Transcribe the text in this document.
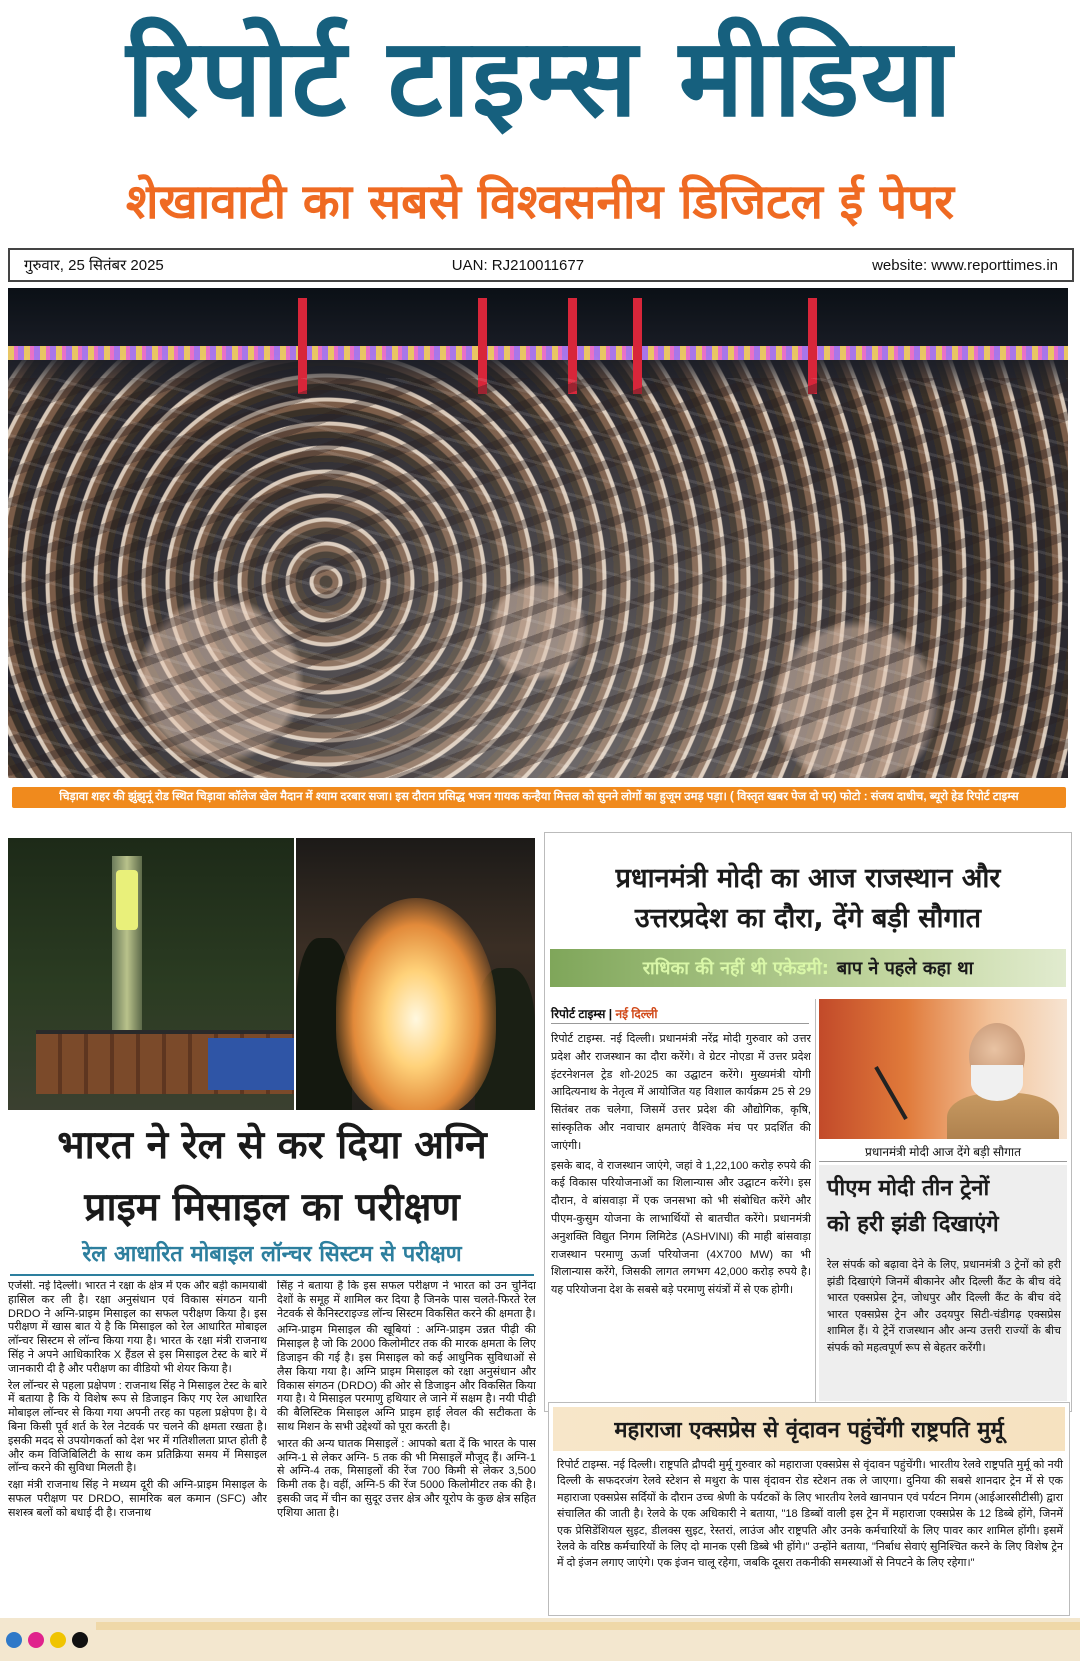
रिपोर्ट टाइम्स मीडिया
शेखावाटी का सबसे विश्वसनीय डिजिटल ई पेपर
गुरुवार, 25 सितंबर 2025	UAN: RJ210011677	website: www.reporttimes.in
चिड़ावा शहर की झुंझुनूं रोड स्थित चिड़ावा कॉलेज खेल मैदान में श्याम दरबार सजा। इस दौरान प्रसिद्ध भजन गायक कन्हैया मित्तल को सुनने लोगों का हुजूम उमड़ पड़ा। ( विस्तृत खबर पेज दो पर) फोटो : संजय दाधीच, ब्यूरो हेड रिपोर्ट टाइम्स
भारत ने रेल से कर दिया अग्नि
प्राइम मिसाइल का परीक्षण
रेल आधारित मोबाइल लॉन्चर सिस्टम से परीक्षण

एजेंसी. नई दिल्ली। भारत ने रक्षा के क्षेत्र में एक और बड़ी कामयाबी हासिल कर ली है। रक्षा अनुसंधान एवं विकास संगठन यानी DRDO ने अग्नि-प्राइम मिसाइल का सफल परीक्षण किया है। इस परीक्षण में खास बात ये है कि मिसाइल को रेल आधारित मोबाइल लॉन्चर सिस्टम से लॉन्च किया गया है। भारत के रक्षा मंत्री राजनाथ सिंह ने अपने आधिकारिक X हैंडल से इस मिसाइल टेस्ट के बारे में जानकारी दी है और परीक्षण का वीडियो भी शेयर किया है।

रेल लॉन्चर से पहला प्रक्षेपण : राजनाथ सिंह ने मिसाइल टेस्ट के बारे में बताया है कि ये विशेष रूप से डिजाइन किए गए रेल आधारित मोबाइल लॉन्चर से किया गया अपनी तरह का पहला प्रक्षेपण है। ये बिना किसी पूर्व शर्त के रेल नेटवर्क पर चलने की क्षमता रखता है। इसकी मदद से उपयोगकर्ता को देश भर में गतिशीलता प्राप्त होती है और कम विजिबिलिटी के साथ कम प्रतिक्रिया समय में मिसाइल लॉन्च करने की सुविधा मिलती है।

रक्षा मंत्री राजनाथ सिंह ने मध्यम दूरी की अग्नि-प्राइम मिसाइल के सफल परीक्षण पर DRDO, सामरिक बल कमान (SFC) और सशस्त्र बलों को बधाई दी है। राजनाथ

सिंह ने बताया है कि इस सफल परीक्षण ने भारत को उन चुनिंदा देशों के समूह में शामिल कर दिया है जिनके पास चलते-फिरते रेल नेटवर्क से कैनिस्टराइज्ड लॉन्च सिस्टम विकसित करने की क्षमता है।

अग्नि-प्राइम मिसाइल की खूबियां : अग्नि-प्राइम उन्नत पीढ़ी की मिसाइल है जो कि 2000 किलोमीटर तक की मारक क्षमता के लिए डिजाइन की गई है। इस मिसाइल को कई आधुनिक सुविधाओं से लैस किया गया है। अग्नि प्राइम मिसाइल को रक्षा अनुसंधान और विकास संगठन (DRDO) की ओर से डिजाइन और विकसित किया गया है। ये मिसाइल परमाणु हथियार ले जाने में सक्षम है। नयी पीढ़ी की बैलिस्टिक मिसाइल अग्नि प्राइम हाई लेवल की सटीकता के साथ मिशन के सभी उद्देश्यों को पूरा करती है।

भारत की अन्य घातक मिसाइलें : आपको बता दें कि भारत के पास अग्नि-1 से लेकर अग्नि- 5 तक की भी मिसाइलें मौजूद हैं। अग्नि-1 से अग्नि-4 तक, मिसाइलों की रेंज 700 किमी से लेकर 3,500 किमी तक है। वहीं, अग्नि-5 की रेंज 5000 किलोमीटर तक की है। इसकी जद में चीन का सुदूर उत्तर क्षेत्र और यूरोप के कुछ क्षेत्र सहित एशिया आता है।

प्रधानमंत्री मोदी का आज राजस्थान और
उत्तरप्रदेश का दौरा, देंगे बड़ी सौगात
राधिका की नहीं थी एकेडमी: बाप ने पहले कहा था
रिपोर्ट टाइम्स | नई दिल्ली

रिपोर्ट टाइम्स. नई दिल्ली। प्रधानमंत्री नरेंद्र मोदी गुरुवार को उत्तर प्रदेश और राजस्थान का दौरा करेंगे। वे ग्रेटर नोएडा में उत्तर प्रदेश इंटरनेशनल ट्रेड शो-2025 का उद्घाटन करेंगे। मुख्यमंत्री योगी आदित्यनाथ के नेतृत्व में आयोजित यह विशाल कार्यक्रम 25 से 29 सितंबर तक चलेगा, जिसमें उत्तर प्रदेश की औद्योगिक, कृषि, सांस्कृतिक और नवाचार क्षमताएं वैश्विक मंच पर प्रदर्शित की जाएंगी।

इसके बाद, वे राजस्थान जाएंगे, जहां वे 1,22,100 करोड़ रुपये की कई विकास परियोजनाओं का शिलान्यास और उद्घाटन करेंगे। इस दौरान, वे बांसवाड़ा में एक जनसभा को भी संबोधित करेंगे और पीएम-कुसुम योजना के लाभार्थियों से बातचीत करेंगे। प्रधानमंत्री अनुशक्ति विद्युत निगम लिमिटेड (ASHVINI) की माही बांसवाड़ा राजस्थान परमाणु ऊर्जा परियोजना (4X700 MW) का भी शिलान्यास करेंगे, जिसकी लागत लगभग 42,000 करोड़ रुपये है। यह परियोजना देश के सबसे बड़े परमाणु संयंत्रों में से एक होगी।

प्रधानमंत्री मोदी आज देंगे बड़ी सौगात
पीएम मोदी तीन ट्रेनों
को हरी झंडी दिखाएंगे
रेल संपर्क को बढ़ावा देने के लिए, प्रधानमंत्री 3 ट्रेनों को हरी झंडी दिखाएंगे जिनमें बीकानेर और दिल्ली कैंट के बीच वंदे भारत एक्सप्रेस ट्रेन, जोधपुर और दिल्ली कैंट के बीच वंदे भारत एक्सप्रेस ट्रेन और उदयपुर सिटी-चंडीगढ़ एक्सप्रेस शामिल हैं। ये ट्रेनें राजस्थान और अन्य उत्तरी राज्यों के बीच संपर्क को महत्वपूर्ण रूप से बेहतर करेंगी।
महाराजा एक्सप्रेस से वृंदावन पहुंचेंगी राष्ट्रपति मुर्मू
रिपोर्ट टाइम्स. नई दिल्ली। राष्ट्रपति द्रौपदी मुर्मू गुरुवार को महाराजा एक्सप्रेस से वृंदावन पहुंचेंगी। भारतीय रेलवे राष्ट्रपति मुर्मू को नयी दिल्ली के सफदरजंग रेलवे स्टेशन से मथुरा के पास वृंदावन रोड स्टेशन तक ले जाएगा। दुनिया की सबसे शानदार ट्रेन में से एक महाराजा एक्सप्रेस सर्दियों के दौरान उच्च श्रेणी के पर्यटकों के लिए भारतीय रेलवे खानपान एवं पर्यटन निगम (आईआरसीटीसी) द्वारा संचालित की जाती है। रेलवे के एक अधिकारी ने बताया, "18 डिब्बों वाली इस ट्रेन में महाराजा एक्सप्रेस के 12 डिब्बे होंगे, जिनमें एक प्रेसिडेंशियल सुइट, डीलक्स सुइट, रेस्तरां, लाउंज और राष्ट्रपति और उनके कर्मचारियों के लिए पावर कार शामिल होंगी। इसमें रेलवे के वरिष्ठ कर्मचारियों के लिए दो मानक एसी डिब्बे भी होंगे।" उन्होंने बताया, "निर्बाध सेवाएं सुनिश्चित करने के लिए विशेष ट्रेन में दो इंजन लगाए जाएंगे। एक इंजन चालू रहेगा, जबकि दूसरा तकनीकी समस्याओं से निपटने के लिए रहेगा।"
